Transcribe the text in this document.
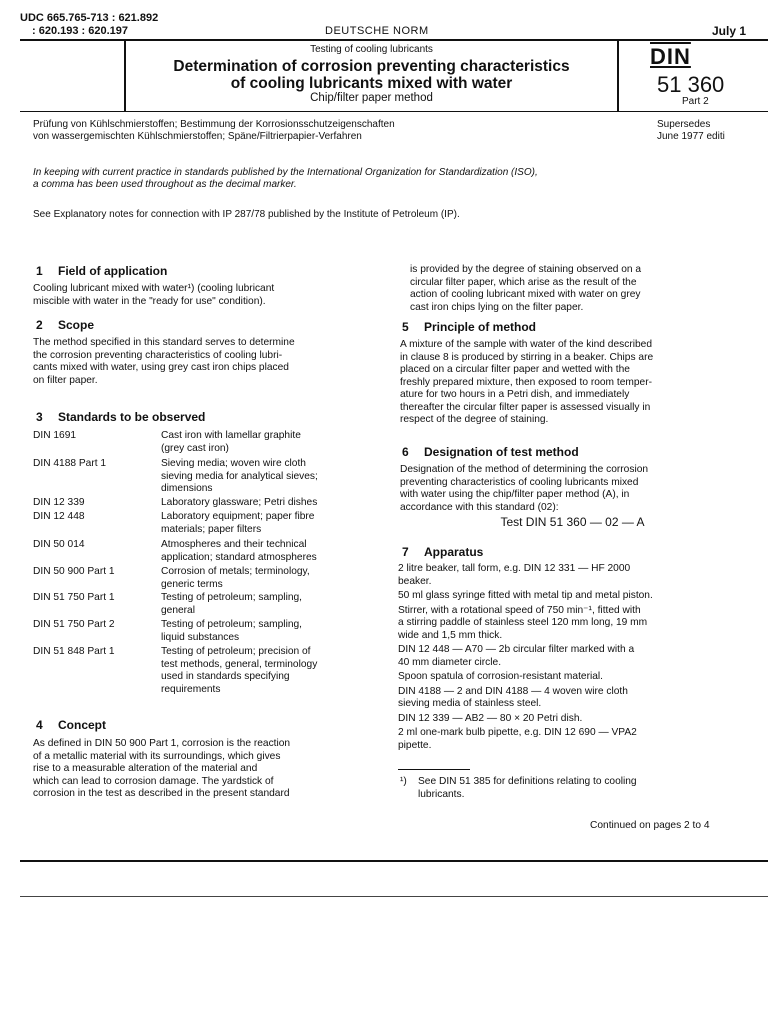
UDC 665.765-713 : 621.892
: 620.193 : 620.197	DEUTSCHE NORM	July 1
Testing of cooling lubricants
Determination of corrosion preventing characteristics
of cooling lubricants mixed with water
Chip/filter paper method
DIN
51 360
Part 2
Prüfung von Kühlschmierstoffen; Bestimmung der Korrosionsschutzeigenschaften
von wassergemischten Kühlschmierstoffen; Späne/Filtrierpapier-Verfahren
Supersedes
June 1977 editi
In keeping with current practice in standards published by the International Organization for Standardization (ISO),
a comma has been used throughout as the decimal marker.
See Explanatory notes for connection with IP 287/78 published by the Institute of Petroleum (IP).
1 Field of application
Cooling lubricant mixed with water¹) (cooling lubricant
miscible with water in the "ready for use" condition).
2 Scope
The method specified in this standard serves to determine
the corrosion preventing characteristics of cooling lubri-
cants mixed with water, using grey cast iron chips placed
on filter paper.
3 Standards to be observed
DIN 1691	Cast iron with lamellar graphite
(grey cast iron)
DIN 4188 Part 1	Sieving media; woven wire cloth
sieving media for analytical sieves;
dimensions
DIN 12 339	Laboratory glassware; Petri dishes
DIN 12 448	Laboratory equipment; paper fibre
materials; paper filters
DIN 50 014	Atmospheres and their technical
application; standard atmospheres
DIN 50 900 Part 1	Corrosion of metals; terminology,
generic terms
DIN 51 750 Part 1	Testing of petroleum; sampling,
general
DIN 51 750 Part 2	Testing of petroleum; sampling,
liquid substances
DIN 51 848 Part 1	Testing of petroleum; precision of
test methods, general, terminology
used in standards specifying
requirements
4 Concept
As defined in DIN 50 900 Part 1, corrosion is the reaction
of a metallic material with its surroundings, which gives
rise to a measurable alteration of the material and
which can lead to corrosion damage. The yardstick of
corrosion in the test as described in the present standard
is provided by the degree of staining observed on a
circular filter paper, which arise as the result of the
action of cooling lubricant mixed with water on grey
cast iron chips lying on the filter paper.
5 Principle of method
A mixture of the sample with water of the kind described
in clause 8 is produced by stirring in a beaker. Chips are
placed on a circular filter paper and wetted with the
freshly prepared mixture, then exposed to room temper-
ature for two hours in a Petri dish, and immediately
thereafter the circular filter paper is assessed visually in
respect of the degree of staining.
6 Designation of test method
Designation of the method of determining the corrosion
preventing characteristics of cooling lubricants mixed
with water using the chip/filter paper method (A), in
accordance with this standard (02):
Test DIN 51 360 — 02 — A
7 Apparatus
2 litre beaker, tall form, e.g. DIN 12 331 — HF 2000
beaker.
50 ml glass syringe fitted with metal tip and metal piston.
Stirrer, with a rotational speed of 750 min⁻¹, fitted with
a stirring paddle of stainless steel 120 mm long, 19 mm
wide and 1,5 mm thick.
DIN 12 448 — A70 — 2b circular filter marked with a
40 mm diameter circle.
Spoon spatula of corrosion-resistant material.
DIN 4188 — 2 and DIN 4188 — 4 woven wire cloth
sieving media of stainless steel.
DIN 12 339 — AB2 — 80 × 20 Petri dish.
2 ml one-mark bulb pipette, e.g. DIN 12 690 — VPA2
pipette.
¹) See DIN 51 385 for definitions relating to cooling
lubricants.
Continued on pages 2 to 4
